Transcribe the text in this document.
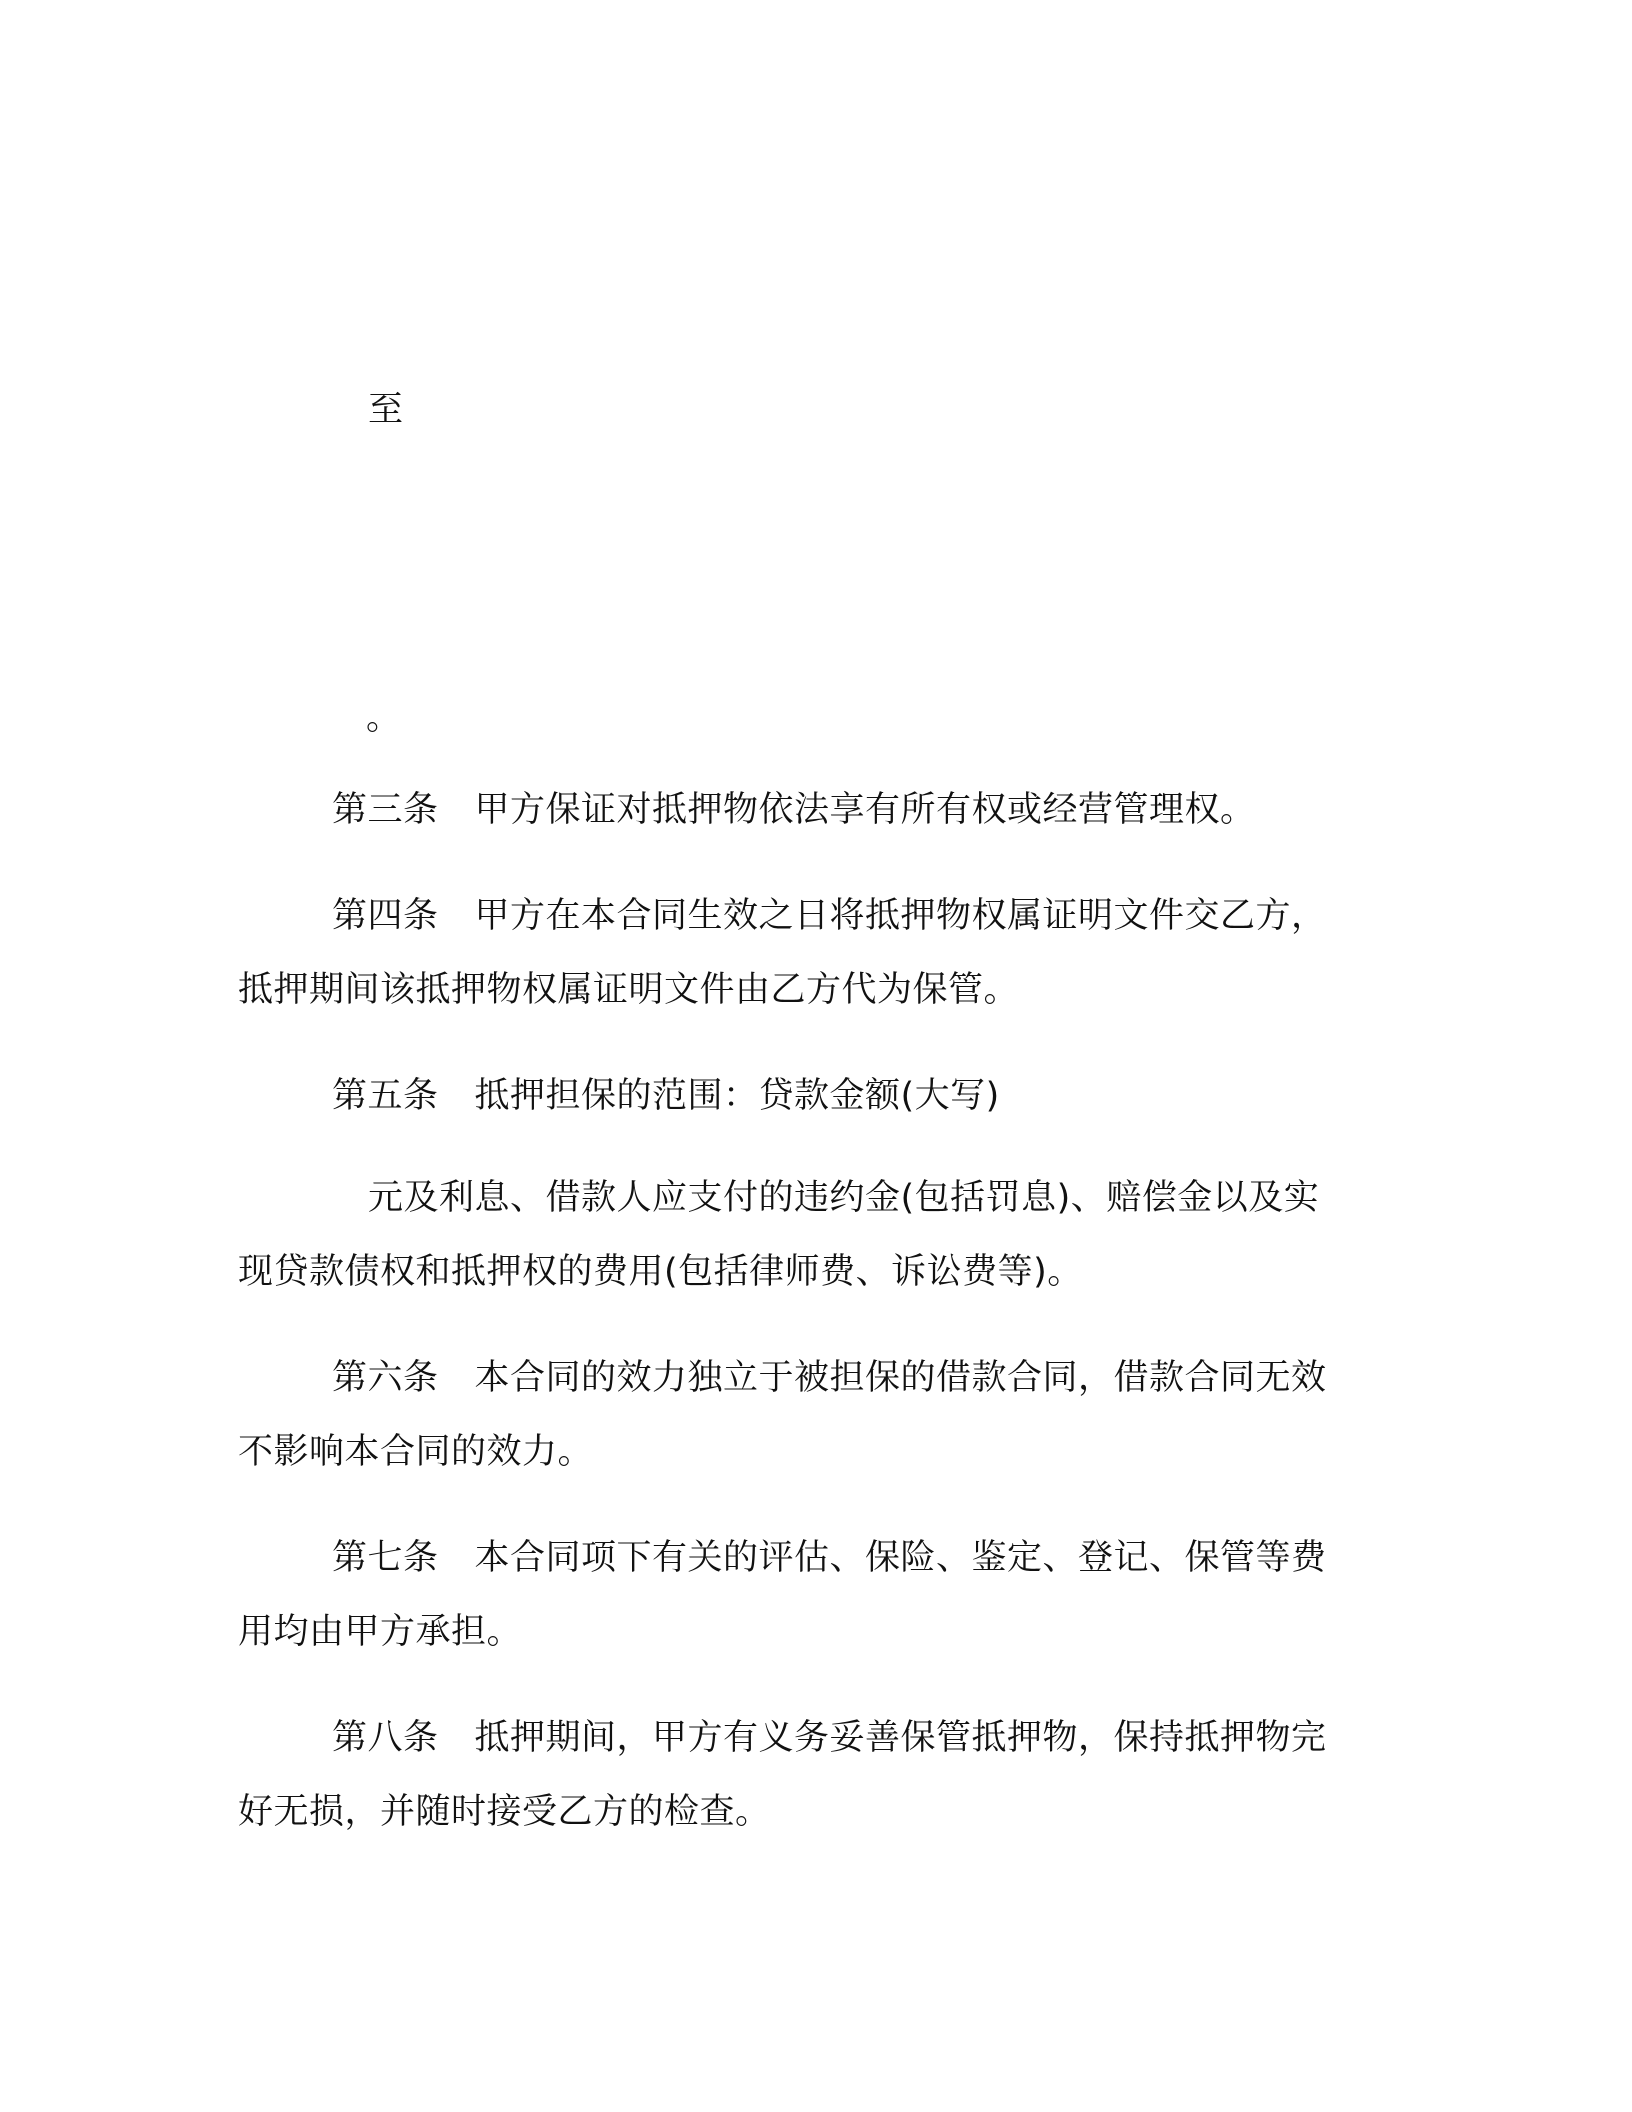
至
。
第三条 甲方保证对抵押物依法享有所有权或经营管理权。
第四条 甲方在本合同生效之日将抵押物权属证明文件交乙方，
抵押期间该抵押物权属证明文件由乙方代为保管。
第五条 抵押担保的范围：贷款金额(大写)
元及利息、借款人应支付的违约金(包括罚息)、赔偿金以及实
现贷款债权和抵押权的费用(包括律师费、诉讼费等)。
第六条 本合同的效力独立于被担保的借款合同，借款合同无效
不影响本合同的效力。
第七条 本合同项下有关的评估、保险、鉴定、登记、保管等费
用均由甲方承担。
第八条 抵押期间，甲方有义务妥善保管抵押物，保持抵押物完
好无损，并随时接受乙方的检查。
